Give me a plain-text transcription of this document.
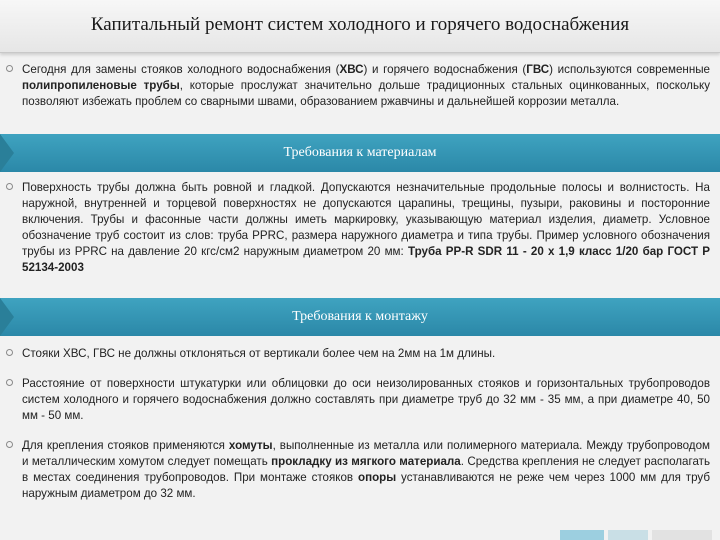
Капитальный ремонт систем холодного и горячего водоснабжения
Сегодня для замены стояков холодного водоснабжения (ХВС) и горячего водоснабжения (ГВС) используются современные полипропиленовые трубы, которые прослужат значительно дольше традиционных стальных оцинкованных, поскольку позволяют избежать проблем со сварными швами, образованием ржавчины и дальнейшей коррозии металла.
Требования к материалам
Поверхность трубы должна быть ровной и гладкой. Допускаются незначительные продольные полосы и волнистость. На наружной, внутренней и торцевой поверхностях не допускаются царапины, трещины, пузыри, раковины и посторонние включения. Трубы и фасонные части должны иметь маркировку, указывающую материал изделия, диаметр. Условное обозначение труб состоит из слов: труба PPRC, размера наружного диаметра и типа трубы. Пример условного обозначения трубы из PPRC на давление 20 кгс/см2 наружным диаметром 20 мм: Труба PP-R SDR 11 - 20 х 1,9 класс 1/20 бар ГОСТ Р 52134-2003
Требования к монтажу
Стояки ХВС, ГВС не должны отклоняться от вертикали более чем на 2мм на 1м длины.
Расстояние от поверхности штукатурки или облицовки до оси неизолированных стояков и горизонтальных трубопроводов систем холодного и горячего водоснабжения должно составлять при диаметре труб до 32 мм - 35 мм, а при диаметре 40, 50 мм - 50 мм.
Для крепления стояков применяются хомуты, выполненные из металла или полимерного материала. Между трубопроводом и металлическим хомутом следует помещать прокладку из мягкого материала. Средства крепления не следует располагать в местах соединения трубопроводов. При монтаже стояков опоры устанавливаются не реже чем через 1000 мм для труб наружным диаметром до 32 мм.
